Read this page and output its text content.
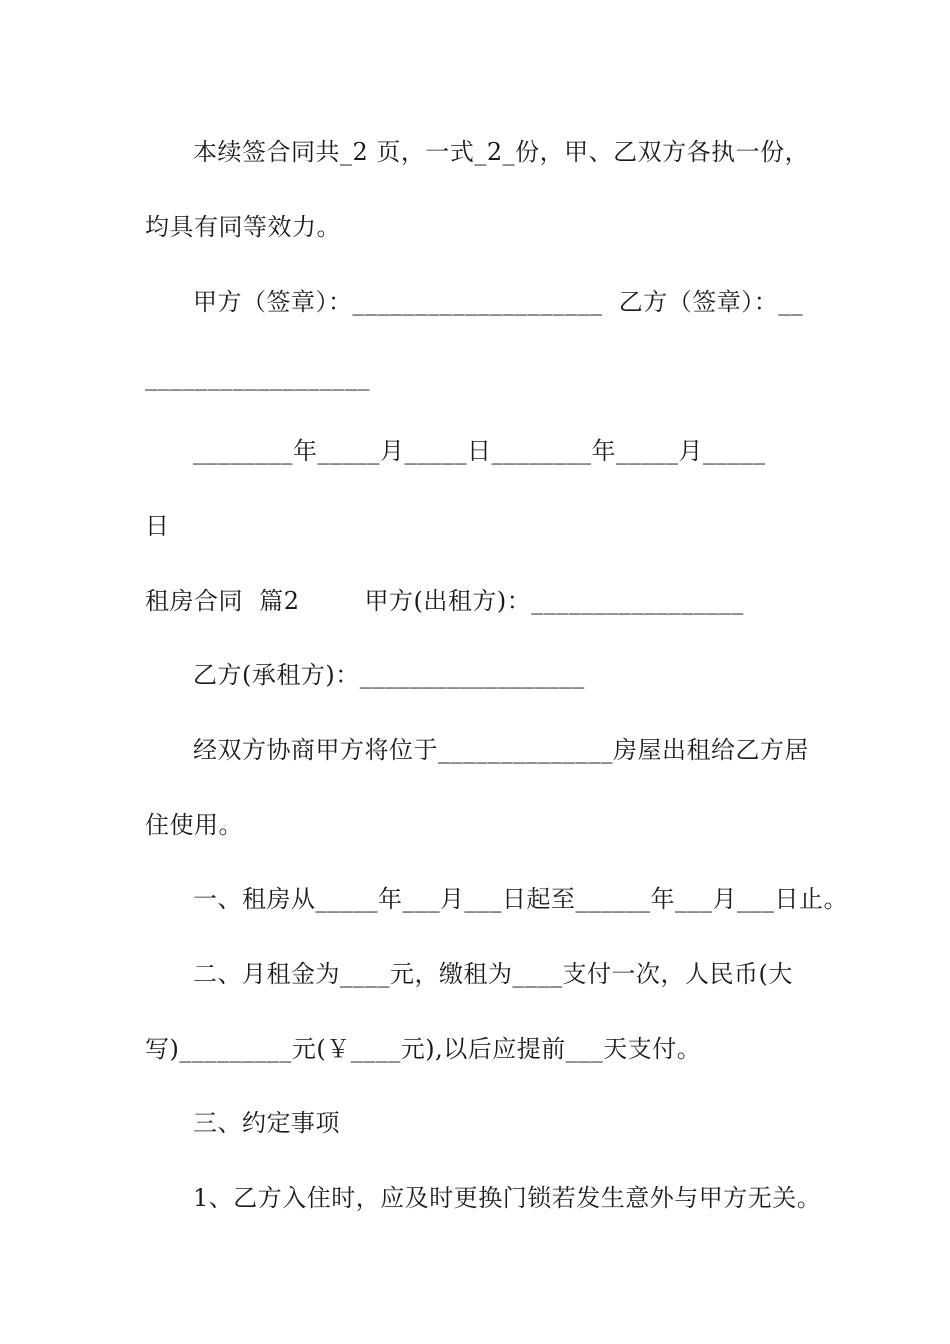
本续签合同共_2 页，一式_2_份，甲、乙双方各执一份，
均具有同等效力。
甲方（签章）：____________________  乙方（签章）：__
__________________
________年_____月_____日________年_____月_____
日
租房合同  篇2        甲方(出租方)：_________________
乙方(承租方)：__________________
经双方协商甲方将位于______________房屋出租给乙方居
住使用。
一、租房从_____年___月___日起至______年___月___日止。
二、月租金为____元，缴租为____支付一次，人民币(大
写)_________元(￥____元),以后应提前___天支付。
三、约定事项
1、乙方入住时，应及时更换门锁若发生意外与甲方无关。
